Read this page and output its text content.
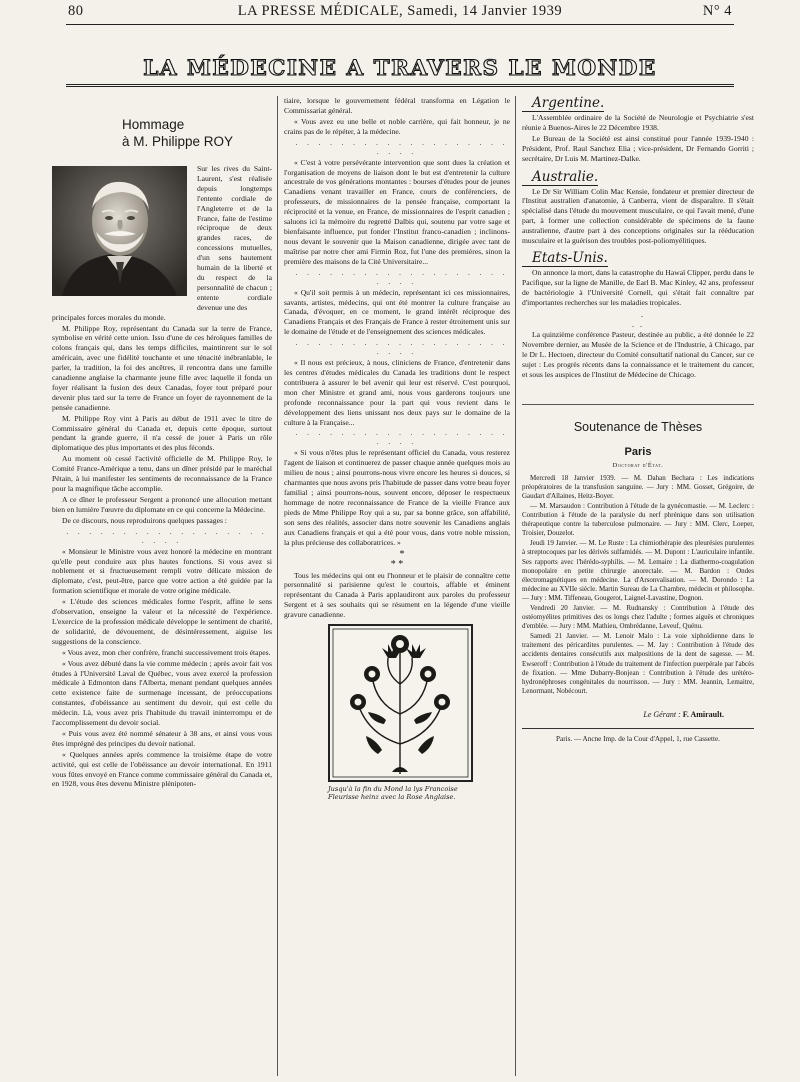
80	LA PRESSE MÉDICALE, Samedi, 14 Janvier 1939	N° 4
LA MÉDECINE A TRAVERS LE MONDE
Hommage
à M. Philippe ROY
Sur les rives du Saint-Laurent, s'est réalisée depuis longtemps l'entente cordiale de l'Angleterre et de la France, faite de l'estime réciproque de deux grandes races, de concessions mutuelles, d'un sens hautement humain de la liberté et du respect de la personnalité de chacun ; entente cordiale devenue une des

principales forces morales du monde.

M. Philippe Roy, représentant du Canada sur la terre de France, symbolise en vérité cette union. Issu d'une de ces héroïques familles de colons français qui, dans les temps difficiles, maintinrent sur le sol américain, avec une fidélité touchante et une ténacité inébranlable, le parler, la tradition, la foi des ancêtres, il rencontra dans une famille canadienne anglaise la charmante jeune fille avec laquelle il fonda un foyer réalisant la fusion des deux Canadas, foyer tout préparé pour devenir plus tard sur la terre de France un foyer de rayonnement de la pensée canadienne.

M. Philippe Roy vint à Paris au début de 1911 avec le titre de Commissaire général du Canada et, depuis cette époque, surtout pendant la grande guerre, il n'a cessé de jouer à Paris un rôle diplomatique des plus importants et des plus féconds.

Au moment où cessé l'activité officielle de M. Philippe Roy, le Comité France-Amérique a tenu, dans un dîner présidé par le maréchal Pétain, à lui manifester les sentiments de reconnaissance de la France pour la magnifique tâche accomplie.

A ce dîner le professeur Sergent a prononcé une allocution mettant bien en lumière l'œuvre du diplomate en ce qui concerne la Médecine.

De ce discours, nous reproduirons quelques passages :

. . . . . . . . . . . . . . . . . . . . . .

« Monsieur le Ministre vous avez honoré la médecine en montrant qu'elle peut conduire aux plus hautes fonctions. Si vous avez si noblement et si fructueusement rempli votre délicate mission de diplomate, c'est, peut-être, parce que votre action a été guidée par la formation scientifique et morale de votre origine médicale.

« L'étude des sciences médicales forme l'esprit, affine le sens d'observation, enseigne la valeur et la nécessité de l'expérience. L'exercice de la profession médicale développe le sentiment de charité, de solidarité, de dévouement, de désintéressement, aiguise les suggestions de la conscience.

« Vous avez, mon cher confrère, franchi successivement trois étapes.

« Vous avez débuté dans la vie comme médecin ; après avoir fait vos études à l'Université Laval de Québec, vous avez exercé la profession médicale à Edmonton dans l'Alberta, menant pendant quelques années cette existence faite de surmenage incessant, de préoccupations constantes, d'obéissance au sentiment du devoir, qui est celle du médecin. Là, vous avez pris l'habitude du travail ininterrompu et de l'accomplissement du devoir social.

« Puis vous avez été nommé sénateur à 38 ans, et ainsi vous vous êtes imprégné des principes du devoir national.

« Quelques années après commence la troisième étape de votre activité, qui est celle de l'obéissance au devoir international. En 1911 vous fûtes envoyé en France comme commissaire général du Canada et, en 1928, vous êtes devenu Ministre plénipoten-

tiaire, lorsque le gouvernement fédéral transforma en Légation le Commissariat général.

« Vous avez eu une belle et noble carrière, qui fait honneur, je ne crains pas de le répéter, à la médecine.

. . . . . . . . . . . . . . . . . . . . . . .

« C'est à votre persévérante intervention que sont dues la création et l'organisation de moyens de liaison dont le but est d'entretenir la culture ancestrale de vos générations montantes : bourses d'études pour de jeunes Canadiens venant travailler en France, cours de conférenciers, de professeurs, de missionnaires de la pensée française, comportant la réciprocité et la venue, en France, de missionnaires de l'esprit canadien ; saluons ici la mémoire du regretté Dalbis qui, soutenu par votre sage et bienfaisante influence, put fonder l'Institut franco-canadien ; inclinons-nous devant le souvenir que la Maison canadienne, dirigée avec tant de maîtrise par notre cher ami Firmin Roz, fut l'une des premières, sinon la première des maisons de la Cité Universitaire...

. . . . . . . . . . . . . . . . . . . . . . .

« Qu'il soit permis à un médecin, représentant ici ces missionnaires, savants, artistes, médecins, qui ont été montrer la culture française au Canada, d'évoquer, en ce moment, le grand intérêt réciproque des Canadiens Français et des Français de France à rester étroitement unis sur le domaine de l'étude et de l'enseignement des sciences médicales.

. . . . . . . . . . . . . . . . . . . . . . .

« Il nous est précieux, à nous, cliniciens de France, d'entretenir dans les centres d'études médicales du Canada les traditions dont le respect contribuera à assurer le bel avenir qui leur est réservé. C'est pourquoi, mon cher Ministre et grand ami, nous vous garderons toujours une profonde reconnaissance pour la part qui vous revient dans le développement des liens unissant nos deux pays sur le domaine de la culture à la Française...

. . . . . . . . . . . . . . . . . . . . . . .

« Si vous n'êtes plus le représentant officiel du Canada, vous resterez l'agent de liaison et continuerez de passer chaque année quelques mois au milieu de nous ; ainsi pourrons-nous vivre encore les heures si douces, si charmantes que nous avons pris l'habitude de passer dans votre beau foyer familial ; ainsi pourrons-nous, souvent encore, déposer le respectueux hommage de notre reconnaissance de France de la vieille France aux pieds de Mme Philippe Roy qui a su, par sa bonne grâce, son affabilité, son sens des réalités, associer dans notre souvenir les Canadiens anglais aux Canadiens français et qui a été pour vous, dans votre noble mission, la plus précieuse des collaboratrices. »

*
* *

Tous les médecins qui ont eu l'honneur et le plaisir de connaître cette personnalité si parisienne qu'est le courtois, affable et éminent représentant du Canada à Paris applaudiront aux paroles du professeur Sergent et à ses souhaits qui se résument en la légende d'une vieille gravure canadienne.

Jusqu'à la fin du Mond la lys Francoise Fleurisse heinz avec la Rose Anglaise.

Argentine.

L'Assemblée ordinaire de la Société de Neurologie et Psychiatrie s'est réunie à Buenos-Aires le 22 Décembre 1938.

Le Bureau de la Société est ainsi constitué pour l'année 1939-1940 : Président, Prof. Raul Sanchez Elia ; vice-président, Dr Fernando Gorriti ; secrétaire, Dr Luis M. Martinez-Dalke.

Australie.

Le Dr Sir William Colin Mac Kensie, fondateur et premier directeur de l'Institut australien d'anatomie, à Canberra, vient de disparaître. Il s'était spécialisé dans l'étude du mouvement musculaire, ce qui l'avait mené, d'une part, à former une collection considérable de spécimens de la faune australienne, d'autre part à des conceptions originales sur la rééducation musculaire et la guérison des troubles post-poliomyélitiques.

Etats-Unis.

On annonce la mort, dans la catastrophe du Hawaï Clipper, perdu dans le Pacifique, sur la ligne de Manille, de Earl B. Mac Kinley, 42 ans, professeur de bactériologie à l'Université Cornell, qui s'était fait connaître par d'importantes recherches sur les maladies tropicales.

.
. .

La quinzième conférence Pasteur, destinée au public, a été donnée le 22 Novembre dernier, au Musée de la Science et de l'Industrie, à Chicago, par le Dr L. Hectoen, directeur du Comité consultatif national du Cancer, sur ce sujet : Les progrès récents dans la connaissance et le traitement du cancer, et sous les auspices de l'Institut de Médecine de Chicago.

Soutenance de Thèses
Paris
Doctorat d'État.

Mercredi 18 Janvier 1939. — M. Dahan Bechara : Les indications préopératoires de la transfusion sanguine. — Jury : MM. Gosset, Grégoire, de Gaudart d'Allaines, Heitz-Boyer.

— M. Marsaudon : Contribution à l'étude de la gynécomastie. — M. Leclerc : Contribution à l'étude de la paralysie du nerf phrénique dans son utilisation thérapeutique contre la tuberculose pulmonaire. — Jury : MM. Clerc, Loeper, Troisier, Douzelot.

Jeudi 19 Janvier. — M. Le Ruste : La chimiothérapie des pleurésies purulentes à streptocoques par les dérivés sulfamidés. — M. Dupont : L'auriculaire infantile. Ses rapports avec l'hérédo-syphilis. — M. Lemaire : La diathermo-coagulation monopolaire en petite chirurgie anorectale. — M. Bardon : Ondes électromagnétiques en médecine. La d'Arsonvalisation. — M. Dorondo : La médecine au XVIIe siècle. Martin Sureau de La Chambre, médecin et philosophe. — Jury : MM. Tiffeneau, Gougerot, Laignel-Lavastine, Dognon.

Vendredi 20 Janvier. — M. Rudnansky : Contribution à l'étude des ostéomyélites primitives des os longs chez l'adulte ; formes aiguës et chroniques d'emblée. — Jury : MM. Mathieu, Ombrédanne, Leveuf, Quénu.

Samedi 21 Janvier. — M. Lenoir Malo : La voie xiphoïdienne dans le traitement des péricardites purulentes. — M. Jay : Contribution à l'étude des accidents dentaires consécutifs aux malpositions de la dent de sagesse. — M. Ewseroff : Contribution à l'étude du traitement de l'infection puerpérale par l'abcès de fixation. — Mme Dubarry-Bonjean : Contribution à l'étude des urétéro-hydronéphroses congénitales du nourrisson. — Jury : MM. Jeannin, Lemaitre, Lenormant, Nobécourt.

Le Gérant : F. Amirault.
Paris. — Ancne Imp. de la Cour d'Appel, 1, rue Cassette.
